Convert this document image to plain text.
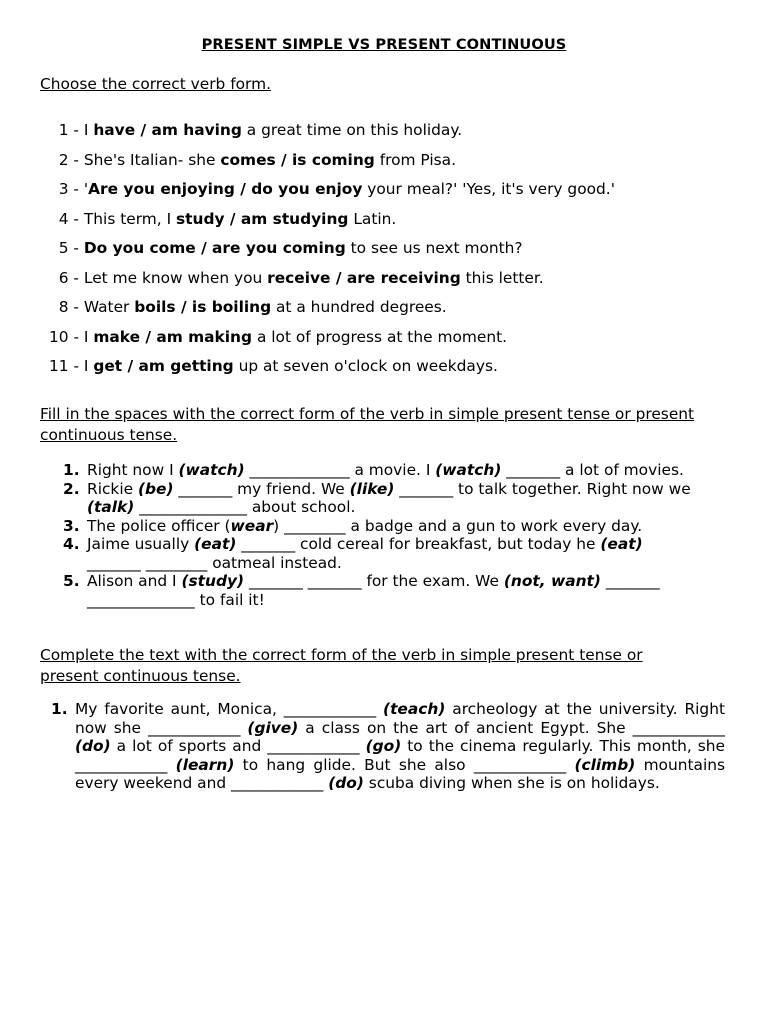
PRESENT SIMPLE VS PRESENT CONTINUOUS
Choose the correct verb form.
1 - I have / am having a great time on this holiday.
2 - She's Italian- she comes / is coming from Pisa.
3 - 'Are you enjoying / do you enjoy your meal?' 'Yes, it's very good.'
4 - This term, I study / am studying Latin.
5 - Do you come / are you coming to see us next month?
6 - Let me know when you receive / are receiving this letter.
8 - Water boils / is boiling at a hundred degrees.
10 - I make / am making a lot of progress at the moment.
11 - I get / am getting up at seven o'clock on weekdays.
Fill in the spaces with the correct form of the verb in simple present tense or present continuous tense.
1. Right now I (watch) _____________ a movie. I (watch) _______ a lot of movies.
2. Rickie (be) _______ my friend. We (like) _______ to talk together. Right now we (talk) ______________ about school.
3. The police officer (wear) ________ a badge and a gun to work every day.
4. Jaime usually (eat) _______ cold cereal for breakfast, but today he (eat) _______ ________ oatmeal instead.
5. Alison and I (study) _______ _______ for the exam. We (not, want) _______ ______________ to fail it!
Complete the text with the correct form of the verb in simple present tense or present continuous tense.
1. My favorite aunt, Monica, ____________ (teach) archeology at the university. Right now she ____________ (give) a class on the art of ancient Egypt. She ____________ (do) a lot of sports and ____________ (go) to the cinema regularly. This month, she ____________ (learn) to hang glide. But she also ____________ (climb) mountains every weekend and ____________ (do) scuba diving when she is on holidays.
